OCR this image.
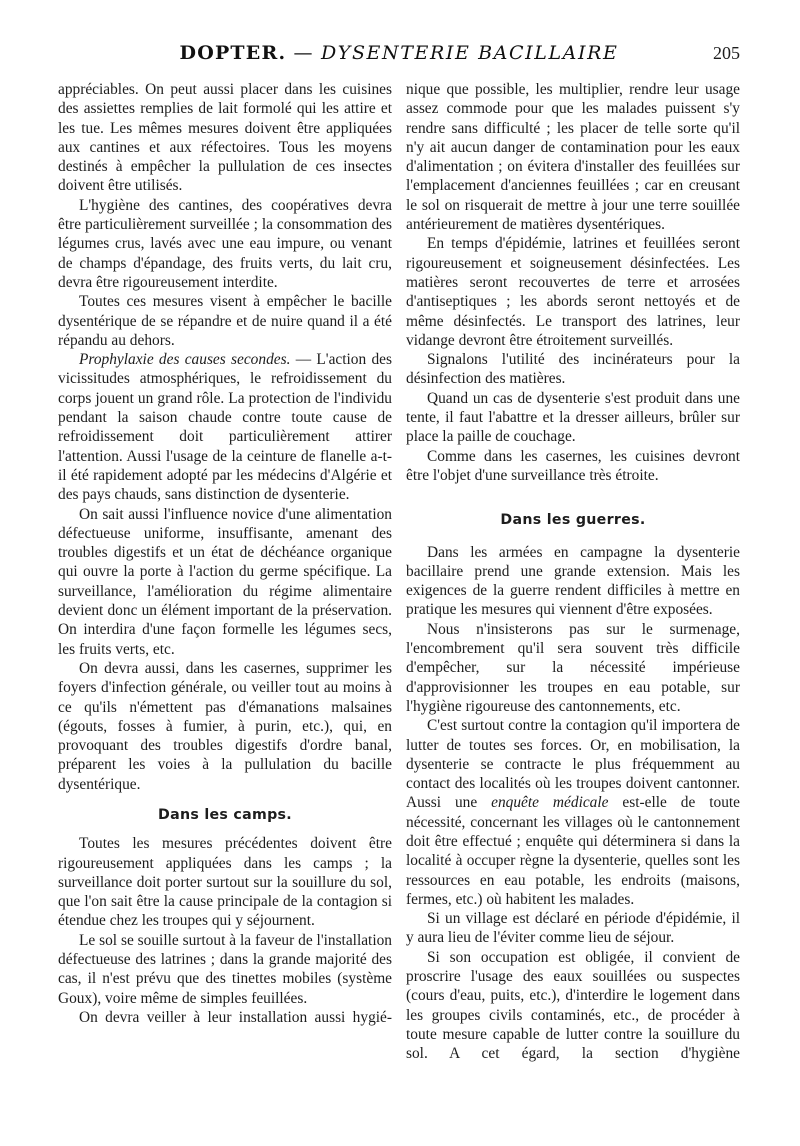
DOPTER. — DYSENTERIE BACILLAIRE	205

appréciables. On peut aussi placer dans les cuisines des assiettes remplies de lait formolé qui les attire et les tue. Les mêmes mesures doivent être appliquées aux cantines et aux réfectoires. Tous les moyens destinés à empêcher la pullulation de ces insectes doivent être utilisés.

L'hygiène des cantines, des coopératives devra être particulièrement surveillée ; la consommation des légumes crus, lavés avec une eau impure, ou venant de champs d'épandage, des fruits verts, du lait cru, devra être rigoureusement interdite.

Toutes ces mesures visent à empêcher le bacille dysentérique de se répandre et de nuire quand il a été répandu au dehors.

Prophylaxie des causes secondes. — L'action des vicissitudes atmosphériques, le refroidissement du corps jouent un grand rôle. La protection de l'individu pendant la saison chaude contre toute cause de refroidissement doit particulièrement attirer l'attention. Aussi l'usage de la ceinture de flanelle a-t-il été rapidement adopté par les médecins d'Algérie et des pays chauds, sans distinction de dysenterie.

On sait aussi l'influence novice d'une alimentation défectueuse uniforme, insuffisante, amenant des troubles digestifs et un état de déchéance organique qui ouvre la porte à l'action du germe spécifique. La surveillance, l'amélioration du régime alimentaire devient donc un élément important de la préservation. On interdira d'une façon formelle les légumes secs, les fruits verts, etc.

On devra aussi, dans les casernes, supprimer les foyers d'infection générale, ou veiller tout au moins à ce qu'ils n'émettent pas d'émanations malsaines (égouts, fosses à fumier, à purin, etc.), qui, en provoquant des troubles digestifs d'ordre banal, préparent les voies à la pullulation du bacille dysentérique.

Dans les camps.

Toutes les mesures précédentes doivent être rigoureusement appliquées dans les camps ; la surveillance doit porter surtout sur la souillure du sol, que l'on sait être la cause principale de la contagion si étendue chez les troupes qui y séjournent.

Le sol se souille surtout à la faveur de l'installation défectueuse des latrines ; dans la grande majorité des cas, il n'est prévu que des tinettes mobiles (système Goux), voire même de simples feuillées.

On devra veiller à leur installation aussi hygié-

nique que possible, les multiplier, rendre leur usage assez commode pour que les malades puissent s'y rendre sans difficulté ; les placer de telle sorte qu'il n'y ait aucun danger de contamination pour les eaux d'alimentation ; on évitera d'installer des feuillées sur l'emplacement d'anciennes feuillées ; car en creusant le sol on risquerait de mettre à jour une terre souillée antérieurement de matières dysentériques.

En temps d'épidémie, latrines et feuillées seront rigoureusement et soigneusement désinfectées. Les matières seront recouvertes de terre et arrosées d'antiseptiques ; les abords seront nettoyés et de même désinfectés. Le transport des latrines, leur vidange devront être étroitement surveillés.

Signalons l'utilité des incinérateurs pour la désinfection des matières.

Quand un cas de dysenterie s'est produit dans une tente, il faut l'abattre et la dresser ailleurs, brûler sur place la paille de couchage.

Comme dans les casernes, les cuisines devront être l'objet d'une surveillance très étroite.

Dans les guerres.

Dans les armées en campagne la dysenterie bacillaire prend une grande extension. Mais les exigences de la guerre rendent difficiles à mettre en pratique les mesures qui viennent d'être exposées.

Nous n'insisterons pas sur le surmenage, l'encombrement qu'il sera souvent très difficile d'empêcher, sur la nécessité impérieuse d'approvisionner les troupes en eau potable, sur l'hygiène rigoureuse des cantonnements, etc.

C'est surtout contre la contagion qu'il importera de lutter de toutes ses forces. Or, en mobilisation, la dysenterie se contracte le plus fréquemment au contact des localités où les troupes doivent cantonner. Aussi une enquête médicale est-elle de toute nécessité, concernant les villages où le cantonnement doit être effectué ; enquête qui déterminera si dans la localité à occuper règne la dysenterie, quelles sont les ressources en eau potable, les endroits (maisons, fermes, etc.) où habitent les malades.

Si un village est déclaré en période d'épidémie, il y aura lieu de l'éviter comme lieu de séjour.

Si son occupation est obligée, il convient de proscrire l'usage des eaux souillées ou suspectes (cours d'eau, puits, etc.), d'interdire le logement dans les groupes civils contaminés, etc., de procéder à toute mesure capable de lutter contre la souillure du sol. A cet égard, la section d'hygiène
